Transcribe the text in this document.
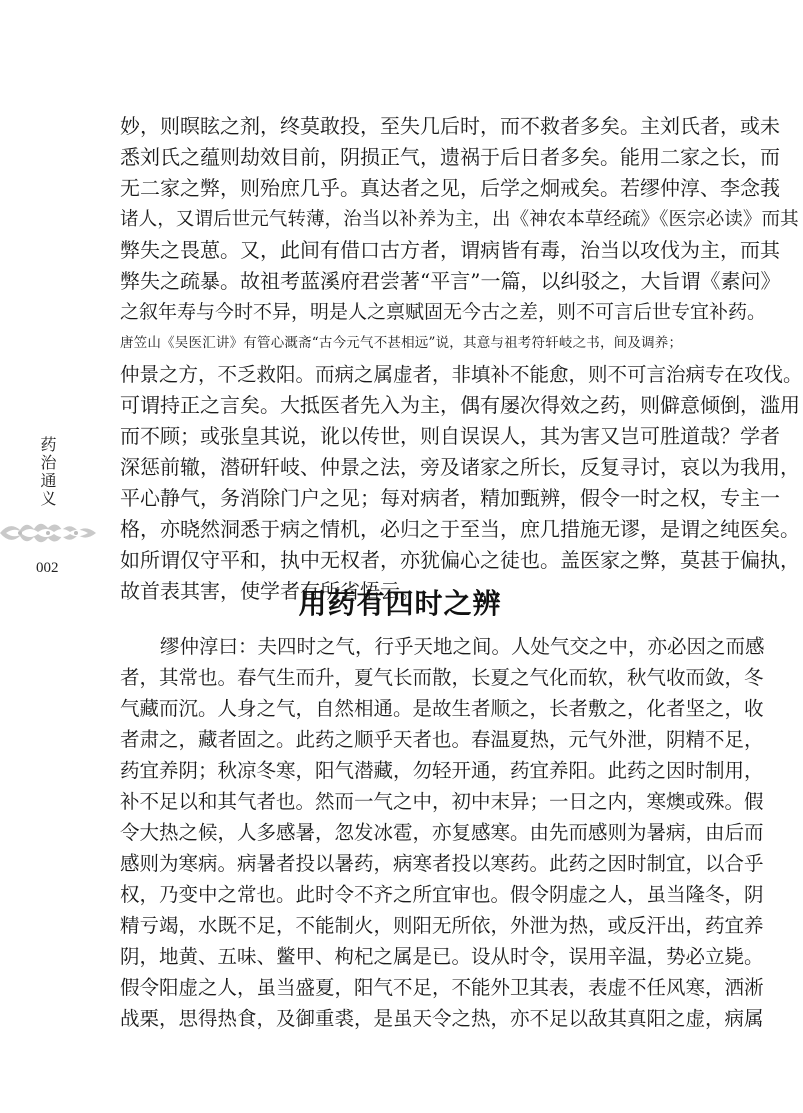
药治通义
002
妙，则暝眩之剂，终莫敢投，至失几后时，而不救者多矣。主刘氏者，或未
悉刘氏之蕴则劫效目前，阴损正气，遗祸于后日者多矣。能用二家之长，而
无二家之弊，则殆庶几乎。真达者之见，后学之炯戒矣。若缪仲淳、李念莪
诸人，又谓后世元气转薄，治当以补养为主，出《神农本草经疏》《医宗必读》而其
弊失之畏葸。又，此间有借口古方者，谓病皆有毒，治当以攻伐为主，而其
弊失之疏暴。故祖考蓝溪府君尝著“平言”一篇，以纠驳之，大旨谓《素问》
之叙年寿与今时不异，明是人之禀赋固无今古之差，则不可言后世专宜补药。
唐笠山《吴医汇讲》有管心溉斋“古今元气不甚相远”说，其意与祖考符轩岐之书，间及调养；
仲景之方，不乏救阳。而病之属虚者，非填补不能愈，则不可言治病专在攻伐。
可谓持正之言矣。大抵医者先入为主，偶有屡次得效之药，则僻意倾倒，滥用
而不顾；或张皇其说，讹以传世，则自误误人，其为害又岂可胜道哉？学者
深惩前辙，潜研轩岐、仲景之法，旁及诸家之所长，反复寻讨，哀以为我用，
平心静气，务消除门户之见；每对病者，精加甄辨，假令一时之权，专主一
格，亦晓然洞悉于病之情机，必归之于至当，庶几措施无谬，是谓之纯医矣。
如所谓仅守平和，执中无权者，亦犹偏心之徒也。盖医家之弊，莫甚于偏执，
故首表其害，使学者有所省悟云。
用药有四时之辨
缪仲淳曰：夫四时之气，行乎天地之间。人处气交之中，亦必因之而感
者，其常也。春气生而升，夏气长而散，长夏之气化而软，秋气收而敛，冬
气藏而沉。人身之气，自然相通。是故生者顺之，长者敷之，化者坚之，收
者肃之，藏者固之。此药之顺乎天者也。春温夏热，元气外泄，阴精不足，
药宜养阴；秋凉冬寒，阳气潜藏，勿轻开通，药宜养阳。此药之因时制用，
补不足以和其气者也。然而一气之中，初中末异；一日之内，寒燠或殊。假
令大热之候，人多感暑，忽发冰雹，亦复感寒。由先而感则为暑病，由后而
感则为寒病。病暑者投以暑药，病寒者投以寒药。此药之因时制宜，以合乎
权，乃变中之常也。此时令不齐之所宜审也。假令阴虚之人，虽当隆冬，阴
精亏竭，水既不足，不能制火，则阳无所依，外泄为热，或反汗出，药宜养
阴，地黄、五味、鳖甲、枸杞之属是已。设从时令，误用辛温，势必立毙。
假令阳虚之人，虽当盛夏，阳气不足，不能外卫其表，表虚不任风寒，洒淅
战栗，思得热食，及御重裘，是虽天令之热，亦不足以敌其真阳之虚，病属
